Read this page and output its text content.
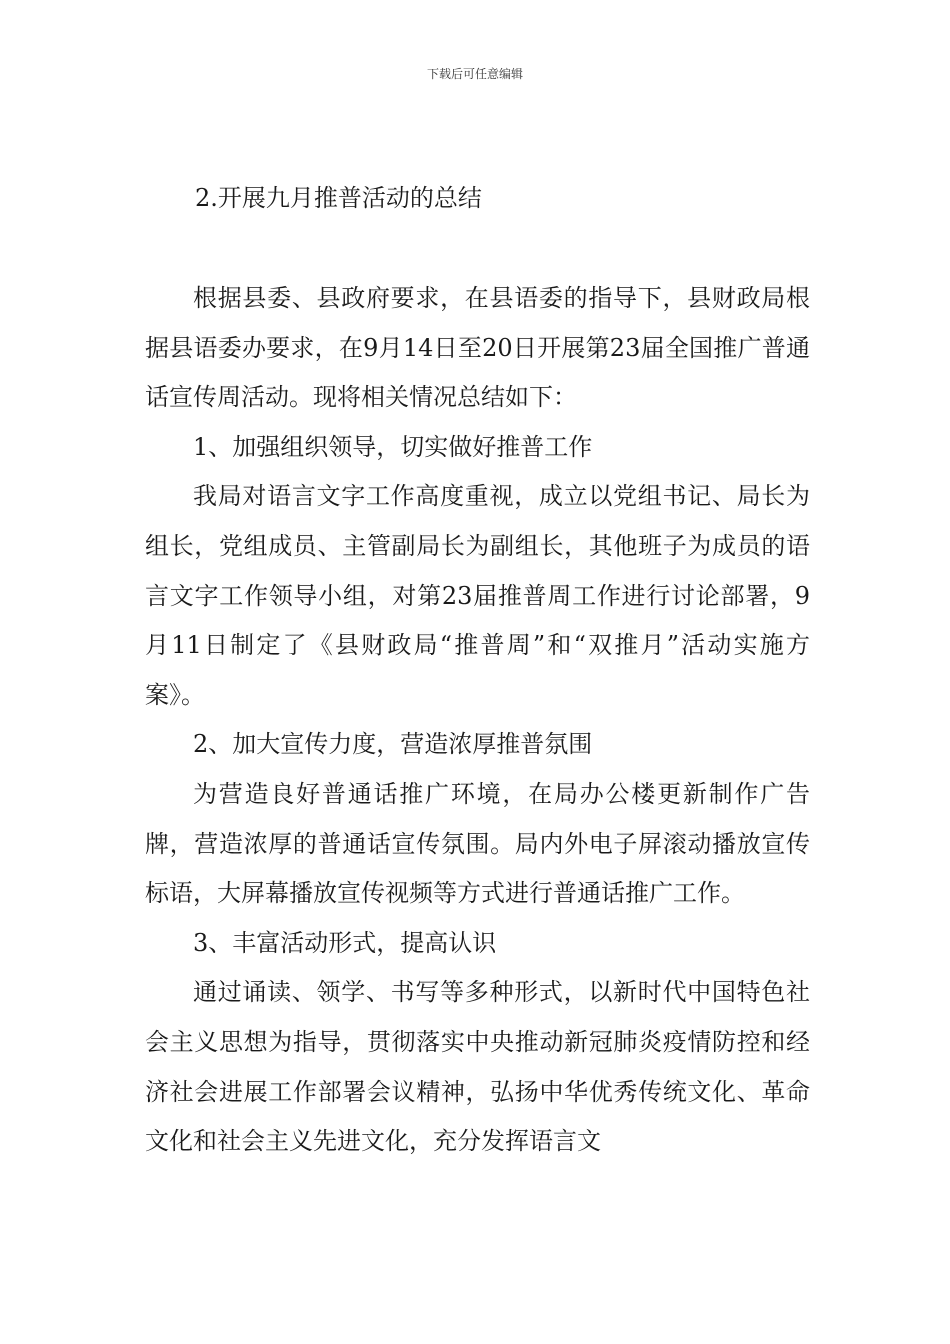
下载后可任意编辑
2.开展九月推普活动的总结

根据县委、县政府要求，在县语委的指导下，县财政局根据县语委办要求，在9月14日至20日开展第23届全国推广普通话宣传周活动。现将相关情况总结如下：

1、加强组织领导，切实做好推普工作

我局对语言文字工作高度重视，成立以党组书记、局长为组长，党组成员、主管副局长为副组长，其他班子为成员的语言文字工作领导小组，对第23届推普周工作进行讨论部署，9月11日制定了《县财政局“推普周”和“双推月”活动实施方案》。

2、加大宣传力度，营造浓厚推普氛围

为营造良好普通话推广环境，在局办公楼更新制作广告牌，营造浓厚的普通话宣传氛围。局内外电子屏滚动播放宣传标语，大屏幕播放宣传视频等方式进行普通话推广工作。

3、丰富活动形式，提高认识

通过诵读、领学、书写等多种形式，以新时代中国特色社会主义思想为指导，贯彻落实中央推动新冠肺炎疫情防控和经济社会进展工作部署会议精神，弘扬中华优秀传统文化、革命文化和社会主义先进文化，充分发挥语言文
